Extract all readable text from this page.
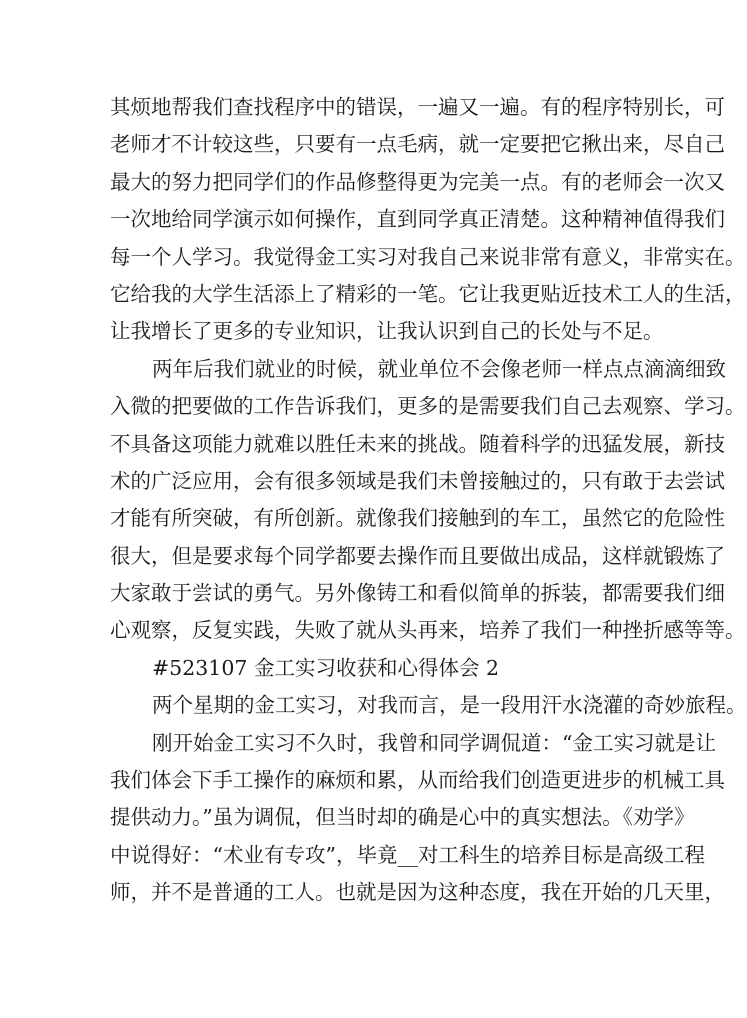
其烦地帮我们查找程序中的错误，一遍又一遍。有的程序特别长，可
老师才不计较这些，只要有一点毛病，就一定要把它揪出来，尽自己
最大的努力把同学们的作品修整得更为完美一点。有的老师会一次又
一次地给同学演示如何操作，直到同学真正清楚。这种精神值得我们
每一个人学习。我觉得金工实习对我自己来说非常有意义，非常实在。
它给我的大学生活添上了精彩的一笔。它让我更贴近技术工人的生活，
让我增长了更多的专业知识，让我认识到自己的长处与不足。
两年后我们就业的时候，就业单位不会像老师一样点点滴滴细致
入微的把要做的工作告诉我们，更多的是需要我们自己去观察、学习。
不具备这项能力就难以胜任未来的挑战。随着科学的迅猛发展，新技
术的广泛应用，会有很多领域是我们未曾接触过的，只有敢于去尝试
才能有所突破，有所创新。就像我们接触到的车工，虽然它的危险性
很大，但是要求每个同学都要去操作而且要做出成品，这样就锻炼了
大家敢于尝试的勇气。另外像铸工和看似简单的拆装，都需要我们细
心观察，反复实践，失败了就从头再来，培养了我们一种挫折感等等。
#523107 金工实习收获和心得体会 2
两个星期的金工实习，对我而言，是一段用汗水浇灌的奇妙旅程。
刚开始金工实习不久时，我曾和同学调侃道：“金工实习就是让
我们体会下手工操作的麻烦和累，从而给我们创造更进步的机械工具
提供动力。”虽为调侃，但当时却的确是心中的真实想法。《劝学》
中说得好：“术业有专攻”，毕竟__对工科生的培养目标是高级工程
师，并不是普通的工人。也就是因为这种态度，我在开始的几天里，
